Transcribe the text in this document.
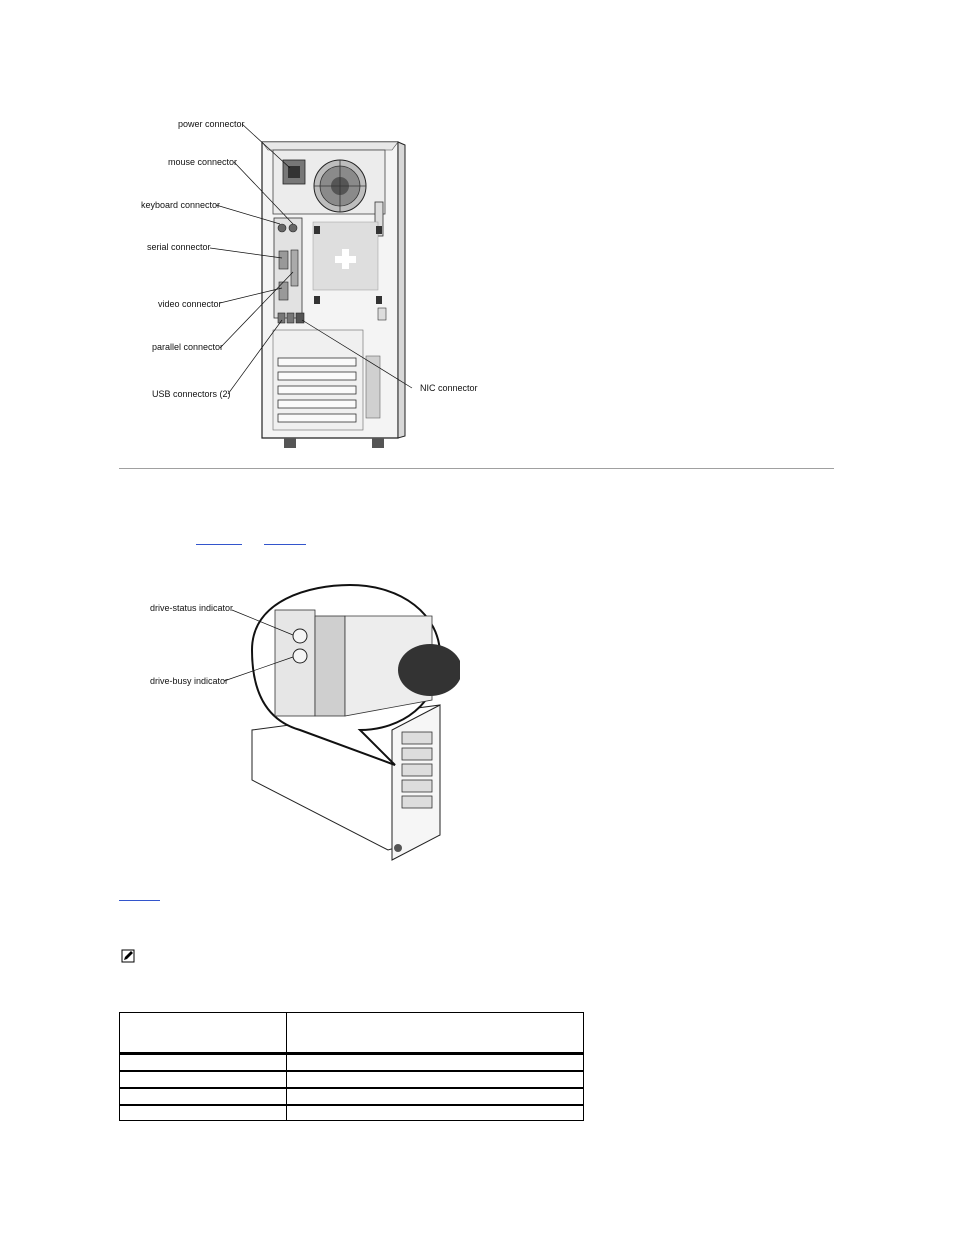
power connector
mouse connector
keyboard connector
serial connector
video connector
parallel connector
USB connectors (2)
NIC connector
drive-status indicator
drive-busy indicator
